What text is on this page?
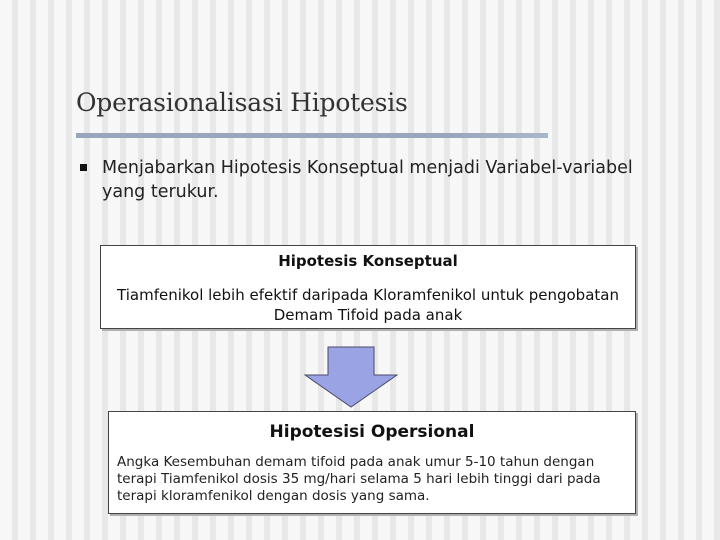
Operasionalisasi Hipotesis
Menjabarkan Hipotesis Konseptual menjadi Variabel-variabel yang terukur.
Hipotesis Konseptual
Tiamfenikol lebih efektif daripada Kloramfenikol untuk pengobatan Demam Tifoid pada anak
Hipotesisi Opersional
Angka Kesembuhan demam tifoid pada anak umur 5-10 tahun dengan terapi Tiamfenikol dosis 35 mg/hari selama 5 hari lebih tinggi dari pada terapi kloramfenikol dengan dosis yang sama.
